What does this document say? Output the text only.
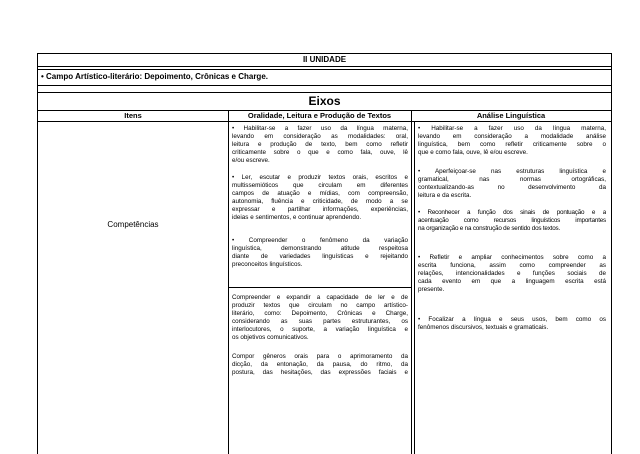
II UNIDADE
• Campo Artístico-literário: Depoimento, Crônicas e Charge.
Eixos
Itens	Oralidade, Leitura e Produção de Textos	Análise Linguística
Competências

• Habilitar-se a fazer uso da língua materna,

levando em consideração as modalidades: oral,

leitura e produção de texto, bem como refletir

criticamente sobre o que e como fala, ouve, lê

e/ou escreve.

• Ler, escutar e produzir textos orais, escritos e

multissemióticos que circulam em diferentes

campos de atuação e mídias, com compreensão,

autonomia, fluência e criticidade, de modo a se

expressar e partilhar informações, experiências,

ideias e sentimentos, e continuar aprendendo.

• Compreender o fenômeno da variação

linguística, demonstrando atitude respeitosa

diante de variedades linguísticas e rejeitando

preconceitos linguísticos.

Compreender e expandir a capacidade de ler e de

produzir textos que circulam no campo artístico-

literário, como: Depoimento, Crônicas e Charge,

considerando as suas partes estruturantes, os

interlocutores, o suporte, a variação linguística e

os objetivos comunicativos.

Compor gêneros orais para o aprimoramento da

dicção, da entonação, da pausa, do ritmo, da

postura, das hesitações, das expressões faciais e

• Habilitar-se a fazer uso da língua materna,

levando em consideração a modalidade análise

linguística, bem como refletir criticamente sobre o

que e como fala, ouve, lê e/ou escreve.

• Aperfeiçoar-se nas estruturas linguística e

gramatical, nas normas ortográficas,

contextualizando-as no desenvolvimento da

leitura e da escrita.

• Reconhecer a função dos sinais de pontuação e a

acentuação como recursos linguísticos importantes

na organização e na construção de sentido dos textos.

• Refletir e ampliar conhecimentos sobre como a

escrita funciona, assim como compreender as

relações, intencionalidades e funções sociais de

cada evento em que a linguagem escrita está

presente.

• Focalizar a língua e seus usos, bem como os

fenômenos discursivos, textuais e gramaticais.
